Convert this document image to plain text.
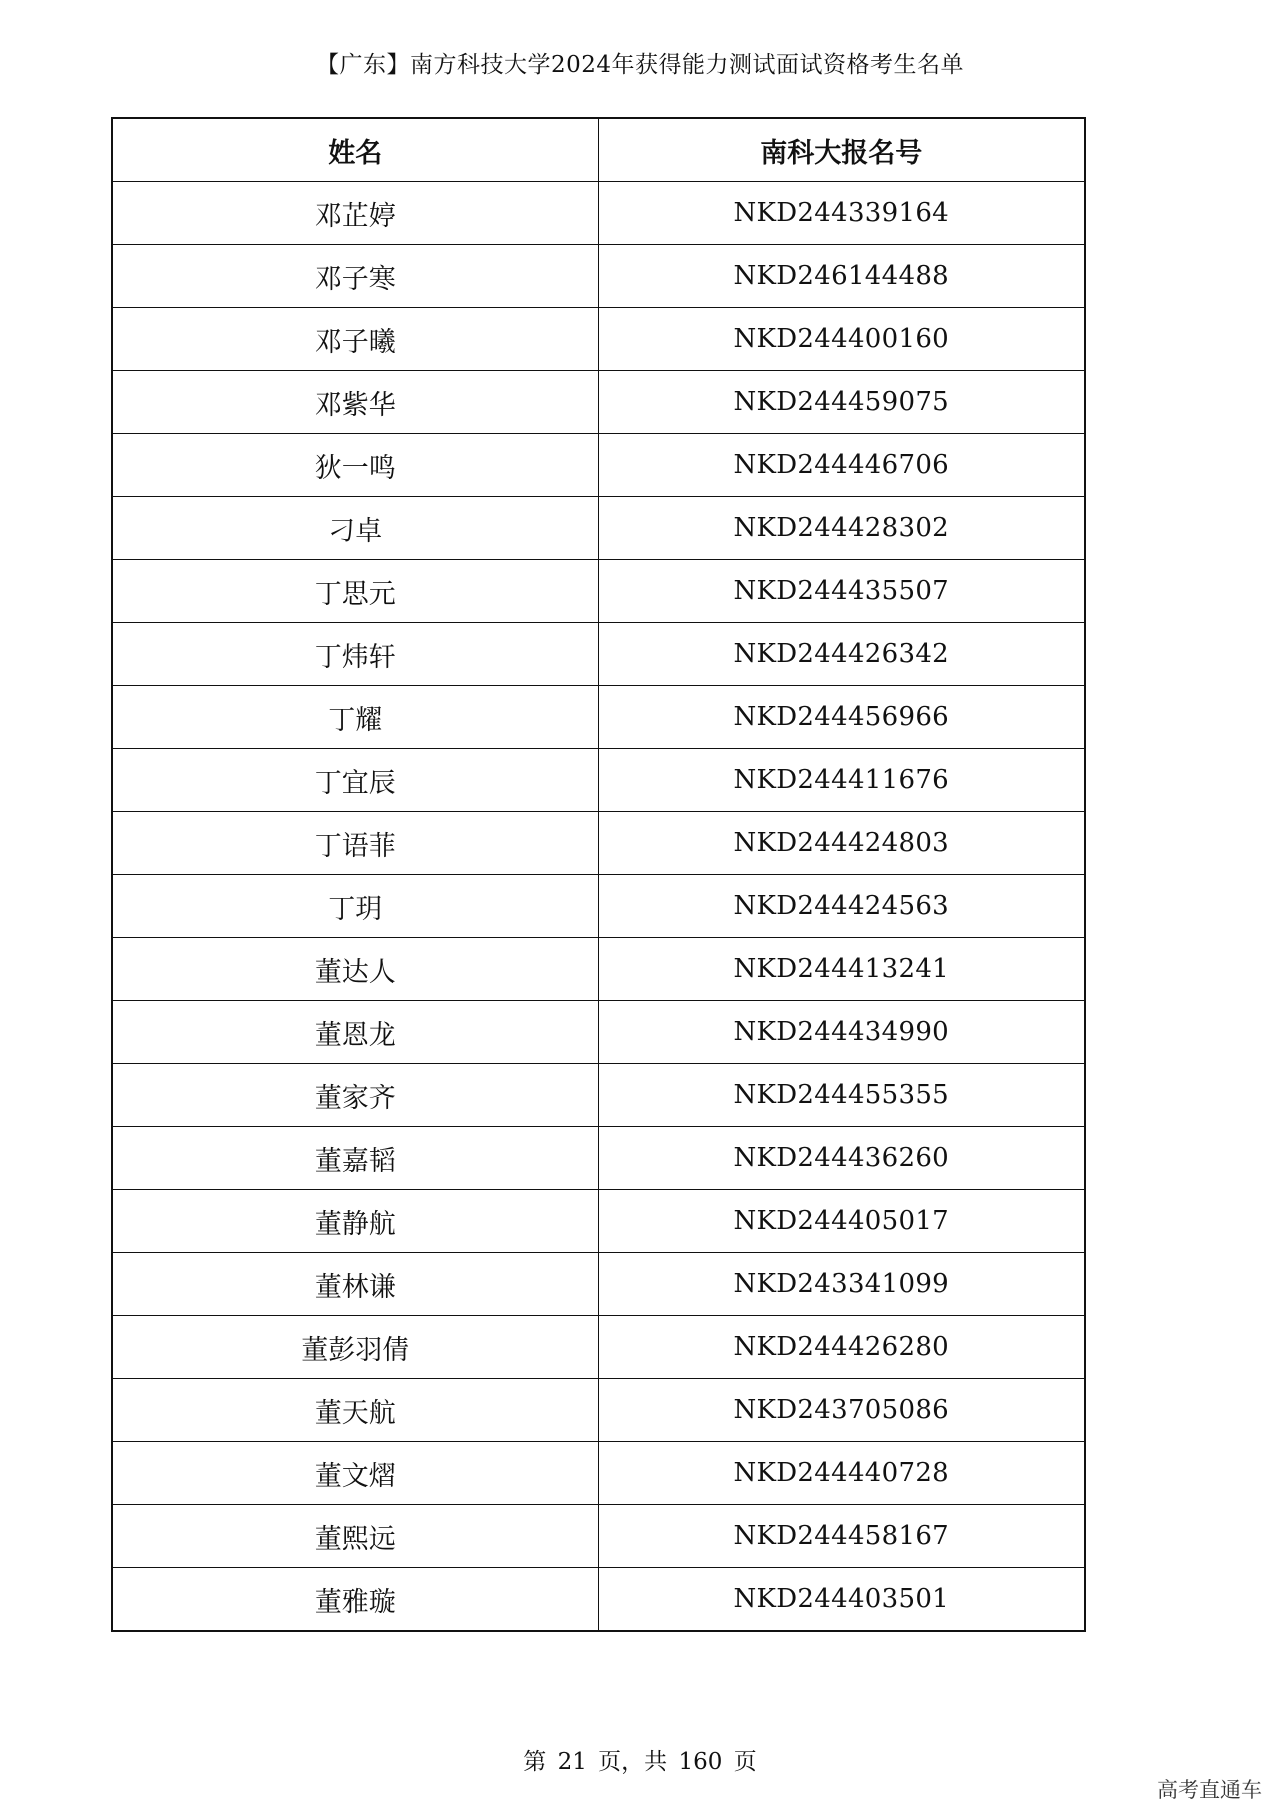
【广东】南方科技大学2024年获得能力测试面试资格考生名单
姓名	南科大报名号
邓芷婷	NKD244339164
邓子寒	NKD246144488
邓子曦	NKD244400160
邓紫华	NKD244459075
狄一鸣	NKD244446706
刁卓	NKD244428302
丁思元	NKD244435507
丁炜轩	NKD244426342
丁耀	NKD244456966
丁宜辰	NKD244411676
丁语菲	NKD244424803
丁玥	NKD244424563
董达人	NKD244413241
董恩龙	NKD244434990
董家齐	NKD244455355
董嘉韬	NKD244436260
董静航	NKD244405017
董林谦	NKD243341099
董彭羽倩	NKD244426280
董天航	NKD243705086
董文熠	NKD244440728
董熙远	NKD244458167
董雅璇	NKD244403501
第 21 页，共 160 页
高考直通车
